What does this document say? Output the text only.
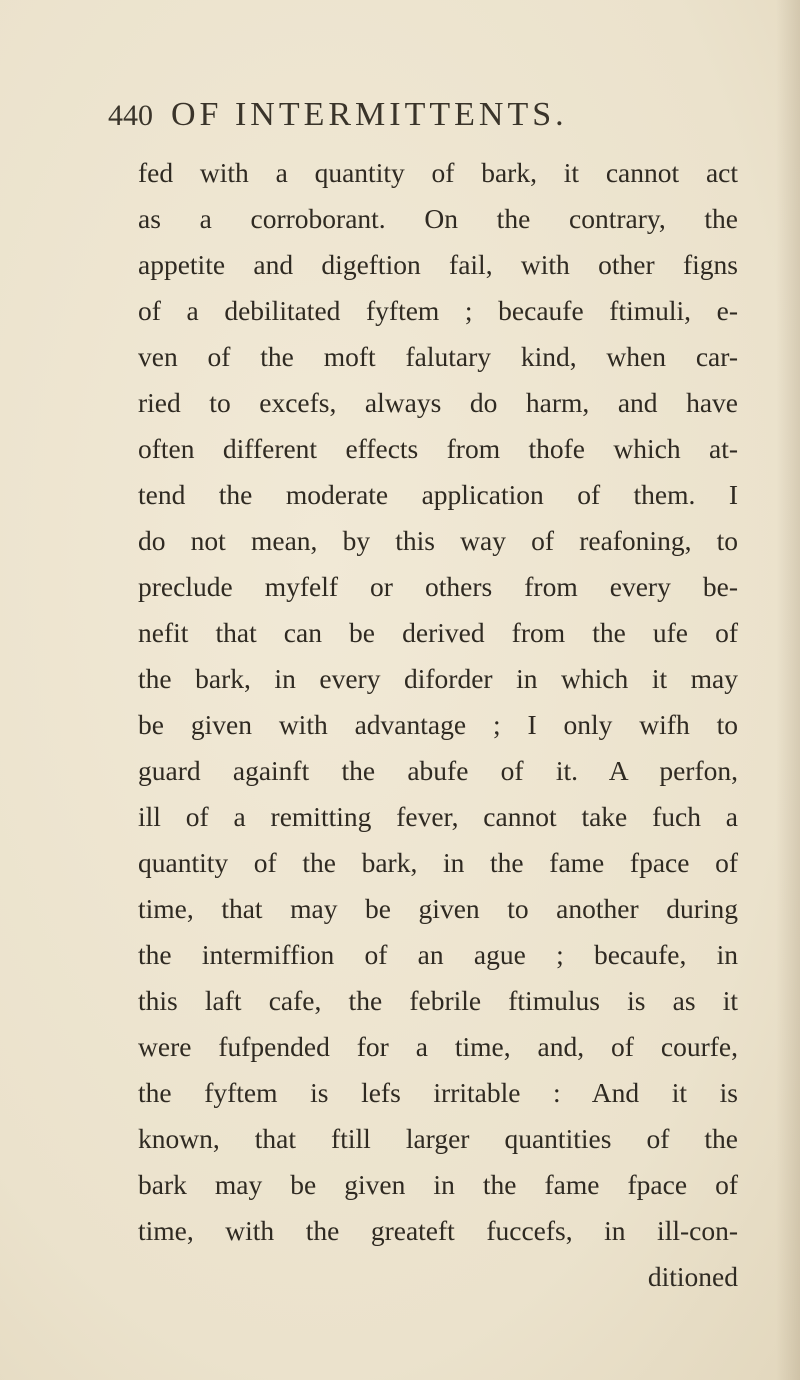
440 OF INTERMITTENTS.
fed with a quantity of bark, it cannot act
as a corroborant. On the contrary, the
appetite and digeftion fail, with other figns
of a debilitated fyftem ; becaufe ftimuli, e-
ven of the moft falutary kind, when car-
ried to excefs, always do harm, and have
often different effects from thofe which at-
tend the moderate application of them. I
do not mean, by this way of reafoning, to
preclude myfelf or others from every be-
nefit that can be derived from the ufe of
the bark, in every diforder in which it may
be given with advantage ; I only wifh to
guard againft the abufe of it. A perfon,
ill of a remitting fever, cannot take fuch a
quantity of the bark, in the fame fpace of
time, that may be given to another during
the intermiffion of an ague ; becaufe, in
this laft cafe, the febrile ftimulus is as it
were fufpended for a time, and, of courfe,
the fyftem is lefs irritable : And it is
known, that ftill larger quantities of the
bark may be given in the fame fpace of
time, with the greateft fuccefs, in ill-con-
ditioned
